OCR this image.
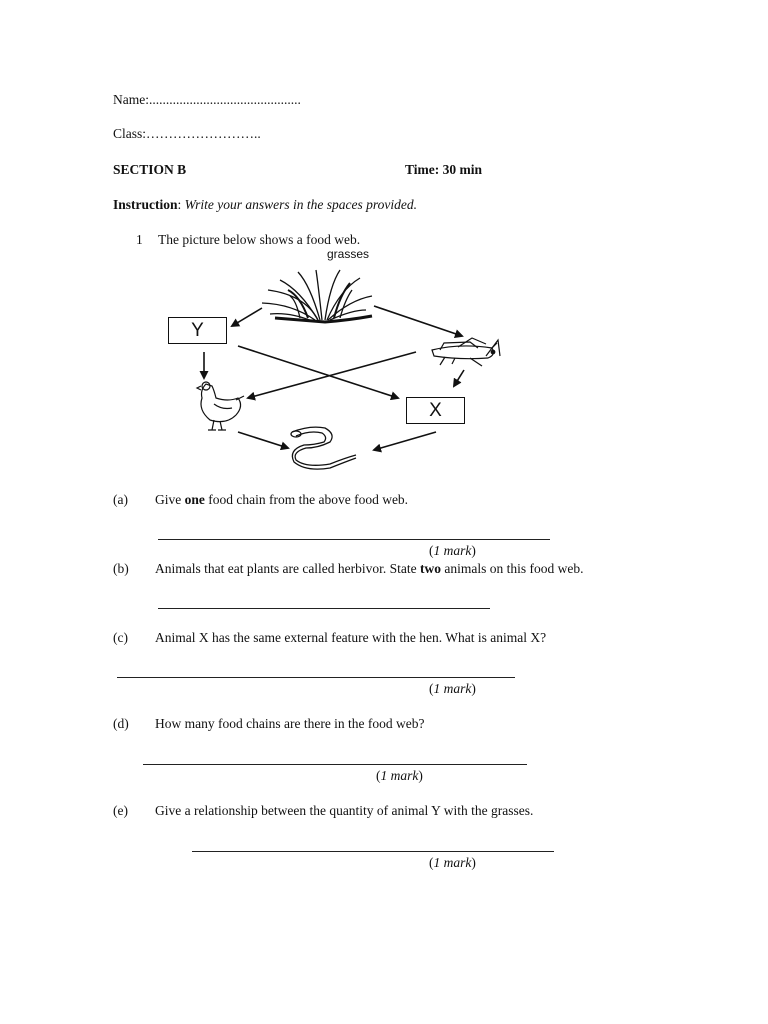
Name:.............................................
Class:……………………..
SECTION B	Time: 30 min
Instruction: Write your answers in the spaces provided.
1 The picture below shows a food web.
grasses
Y
X
(a) Give one food chain from the above food web.
(1 mark)
(b) Animals that eat plants are called herbivor. State two animals on this food web.
(c) Animal X has the same external feature with the hen. What is animal X?
(1 mark)
(d) How many food chains are there in the food web?
(1 mark)
(e) Give a relationship between the quantity of animal Y with the grasses.
(1 mark)
